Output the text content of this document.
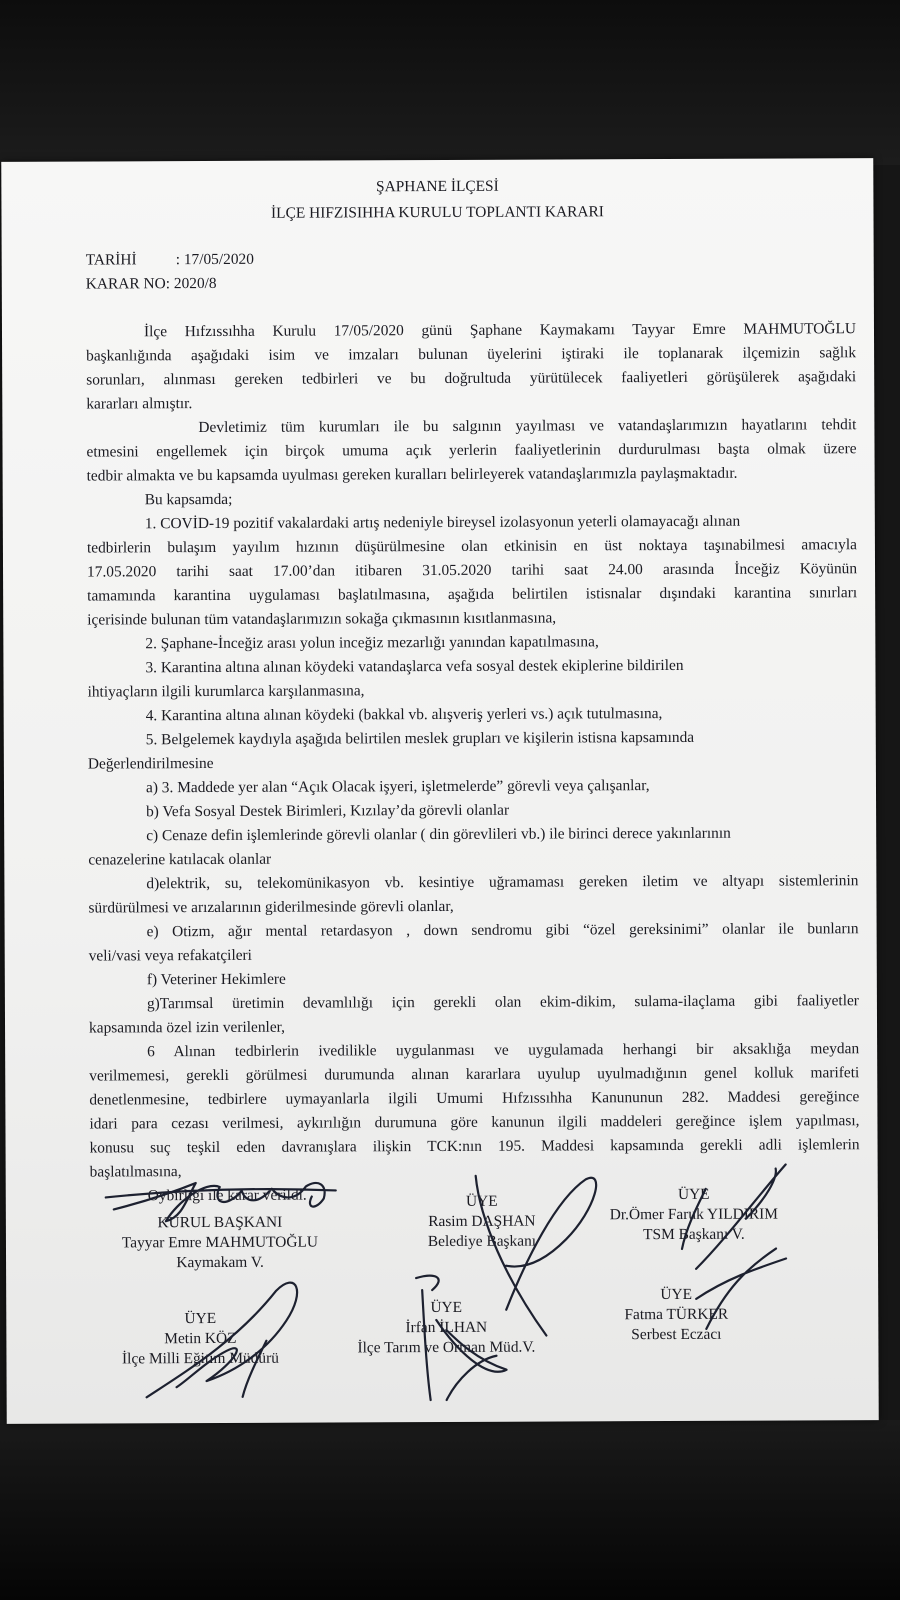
ŞAPHANE İLÇESİ
İLÇE HIFZISIHHA KURULU TOPLANTI KARARI
TARİHİ	: 17/05/2020
KARAR NO: 2020/8
İlçe Hıfzıssıhha Kurulu 17/05/2020 günü Şaphane Kaymakamı Tayyar Emre MAHMUTOĞLU
başkanlığında aşağıdaki isim ve imzaları bulunan üyelerini iştiraki ile toplanarak ilçemizin sağlık
sorunları, alınması gereken tedbirleri ve bu doğrultuda yürütülecek faaliyetleri görüşülerek aşağıdaki
kararları almıştır.
Devletimiz tüm kurumları ile bu salgının yayılması ve vatandaşlarımızın hayatlarını tehdit
etmesini engellemek için birçok umuma açık yerlerin faaliyetlerinin durdurulması başta olmak üzere
tedbir almakta ve bu kapsamda uyulması gereken kuralları belirleyerek vatandaşlarımızla paylaşmaktadır.
Bu kapsamda;
1. COVİD-19 pozitif vakalardaki artış nedeniyle bireysel izolasyonun yeterli olamayacağı alınan
tedbirlerin bulaşım yayılım hızının düşürülmesine olan etkinisin en üst noktaya taşınabilmesi amacıyla
17.05.2020 tarihi saat 17.00’dan itibaren 31.05.2020 tarihi saat 24.00 arasında İnceğiz Köyünün
tamamında karantina uygulaması başlatılmasına, aşağıda belirtilen istisnalar dışındaki karantina sınırları
içerisinde bulunan tüm vatandaşlarımızın sokağa çıkmasının kısıtlanmasına,
2. Şaphane-İnceğiz arası yolun inceğiz mezarlığı yanından kapatılmasına,
3. Karantina altına alınan köydeki vatandaşlarca vefa sosyal destek ekiplerine bildirilen
ihtiyaçların ilgili kurumlarca karşılanmasına,
4. Karantina altına alınan köydeki (bakkal vb. alışveriş yerleri vs.) açık tutulmasına,
5. Belgelemek kaydıyla aşağıda belirtilen meslek grupları ve kişilerin istisna kapsamında
Değerlendirilmesine
a) 3. Maddede yer alan “Açık Olacak işyeri, işletmelerde” görevli veya çalışanlar,
b) Vefa Sosyal Destek Birimleri, Kızılay’da görevli olanlar
c) Cenaze defin işlemlerinde görevli olanlar ( din görevlileri vb.) ile birinci derece yakınlarının
cenazelerine katılacak olanlar
d)elektrik, su, telekomünikasyon vb. kesintiye uğramaması gereken iletim ve altyapı sistemlerinin
sürdürülmesi ve arızalarının giderilmesinde görevli olanlar,
e) Otizm, ağır mental retardasyon , down sendromu gibi “özel gereksinimi” olanlar ile bunların
veli/vasi veya refakatçileri
f) Veteriner Hekimlere
g)Tarımsal üretimin devamlılığı için gerekli olan ekim-dikim, sulama-ilaçlama gibi faaliyetler
kapsamında özel izin verilenler,
6 Alınan tedbirlerin ivedilikle uygulanması ve uygulamada herhangi bir aksaklığa meydan
verilmemesi, gerekli görülmesi durumunda alınan kararlara uyulup uyulmadığının genel kolluk marifeti
denetlenmesine, tedbirlere uymayanlarla ilgili Umumi Hıfzıssıhha Kanununun 282. Maddesi gereğince
idari para cezası verilmesi, aykırılığın durumuna göre kanunun ilgili maddeleri gereğince işlem yapılması,
konusu suç teşkil eden davranışlara ilişkin TCK:nın 195. Maddesi kapsamında gerekli adli işlemlerin
başlatılmasına,
Oybirliği ile karar verildi.
KURUL BAŞKANI
Tayyar Emre MAHMUTOĞLU
Kaymakam V.
ÜYE
Rasim DAŞHAN
Belediye Başkanı
ÜYE
Dr.Ömer Faruk YILDIRIM
TSM Başkanı V.
ÜYE
Metin KÖZ
İlçe Milli Eğitim Müdürü
ÜYE
İrfan İLHAN
İlçe Tarım ve Orman Müd.V.
ÜYE
Fatma TÜRKER
Serbest Eczacı
